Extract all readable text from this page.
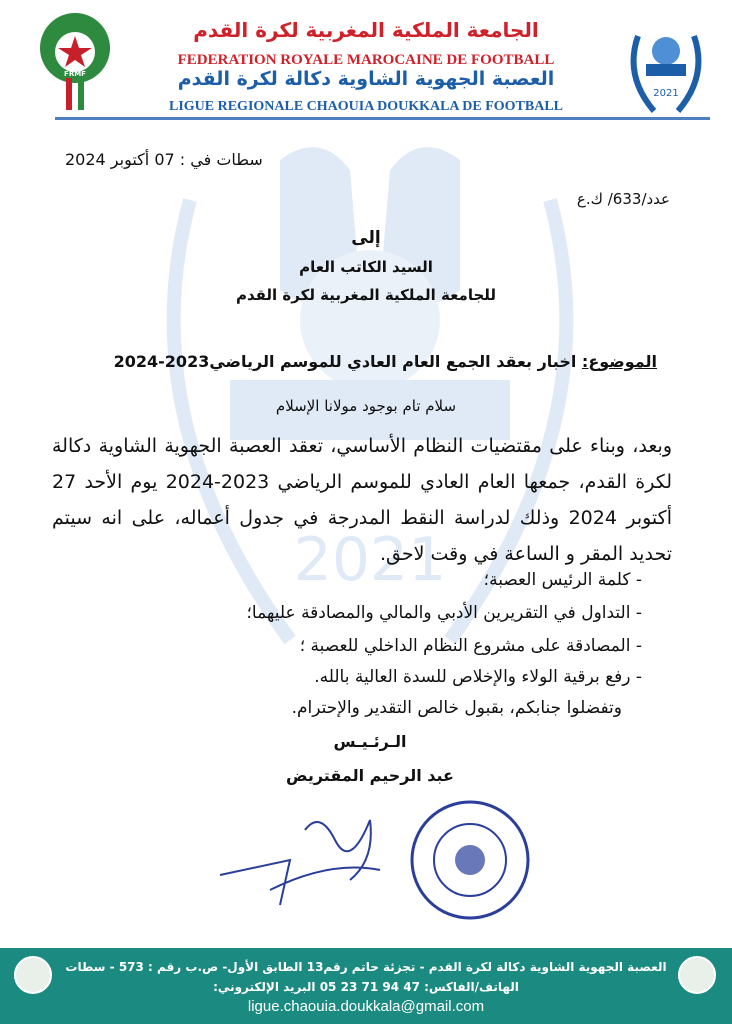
2021
FRMF
2021
الجامعة الملكية المغربية لكرة القدم
FEDERATION ROYALE MAROCAINE DE FOOTBALL
العصبة الجهوية الشاوية دكالة لكرة القدم
LIGUE REGIONALE CHAOUIA DOUKKALA DE FOOTBALL
سطات في : 07 أكتوبر 2024
عدد/633/ ك.ع
إلى
السيد الكاتب العام
للجامعة الملكية المغربية لكرة القدم
الموضوع: اخبار بعقد الجمع العام العادي للموسم الرياضي2023-2024
سلام تام بوجود مولانا الإسلام
وبعد، وبناء على مقتضيات النظام الأساسي، تعقد العصبة الجهوية الشاوية دكالة لكرة القدم، جمعها العام العادي للموسم الرياضي 2023-2024 يوم الأحد 27 أكتوبر 2024 وذلك لدراسة النقط المدرجة في جدول أعماله، على انه سيتم تحديد المقر و الساعة في وقت لاحق.
- كلمة الرئيس العصبة؛
- التداول في التقريرين الأدبي والمالي والمصادقة عليهما؛
- المصادقة على مشروع النظام الداخلي للعصبة ؛
- رفع برقية الولاء والإخلاص للسدة العالية بالله.
وتفضلوا جنابكم، بقبول خالص التقدير والإحترام.
الـرئـيـس
عبد الرحيم المقتريض
العصبة الجهوية الشاوية دكالة لكرة القدم - تجزئة حاتم رقم13 الطابق الأول- ص.ب رقم : 573 - سطات
الهاتف/الفاكس: 47 94 71 23 05 البريد الإلكتروني:
ligue.chaouia.doukkala@gmail.com
